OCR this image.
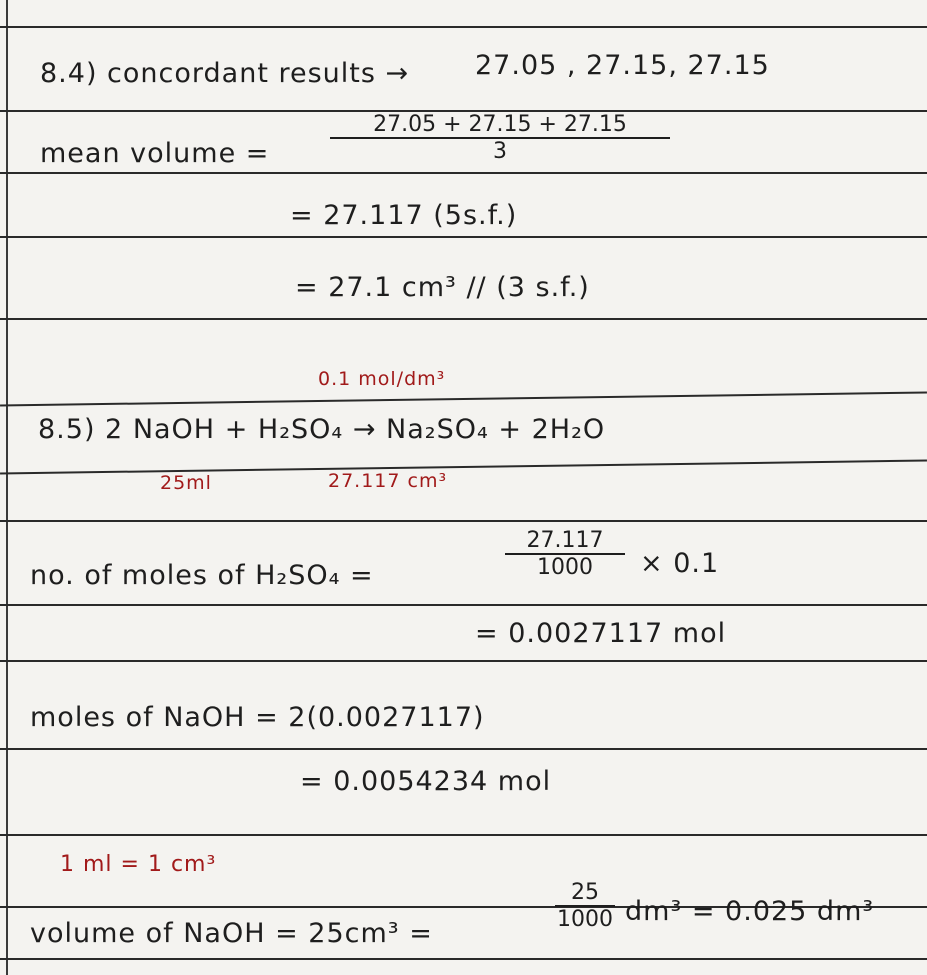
8.4) concordant results → 27.05 , 27.15, 27.15
mean volume =	$\frac{27.05 + 27.15 + 27.15}{3}$
= 27.117 (5s.f.)
= 27.1 cm³ // (3 s.f.)
0.1 mol/dm³
8.5) 2 NaOH + H₂SO₄ → Na₂SO₄ + 2H₂O
25ml	27.117 cm³
no. of moles of H₂SO₄ =	$\frac{27.117}{1000} \times 0.1$
= 0.0027117 mol
moles of NaOH = 2(0.0027117)
= 0.0054234 mol
1 ml = 1 cm³
volume of NaOH = 25cm³ =
$\frac{25}{1000} dm^3 = 0.025$ dm³
